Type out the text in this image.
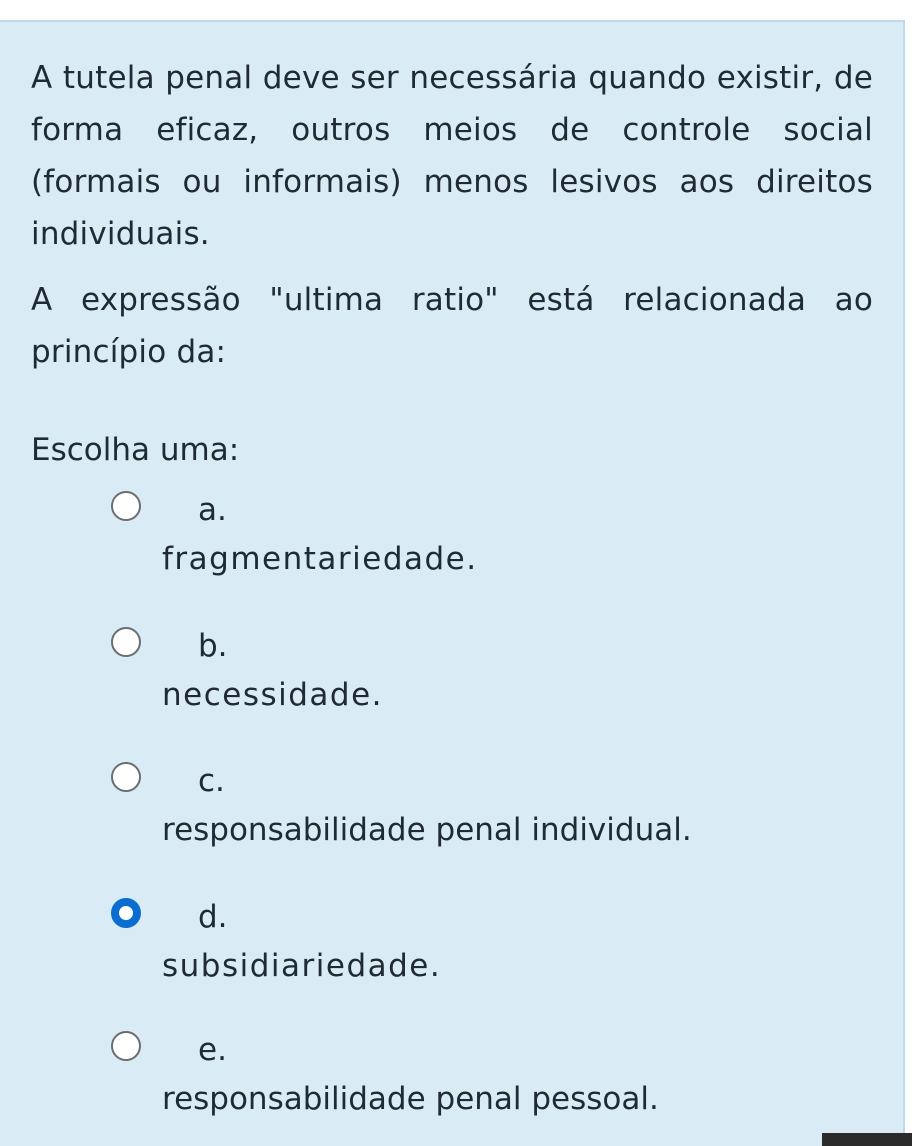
A tutela penal deve ser necessária quando existir, de forma eficaz, outros meios de controle social (formais ou informais) menos lesivos aos direitos individuais.

A expressão "ultima ratio" está relacionada ao princípio da:

Escolha uma:

a.
fragmentariedade.
b.
necessidade.
c.
responsabilidade penal individual.
d.
subsidiariedade.
e.
responsabilidade penal pessoal.
